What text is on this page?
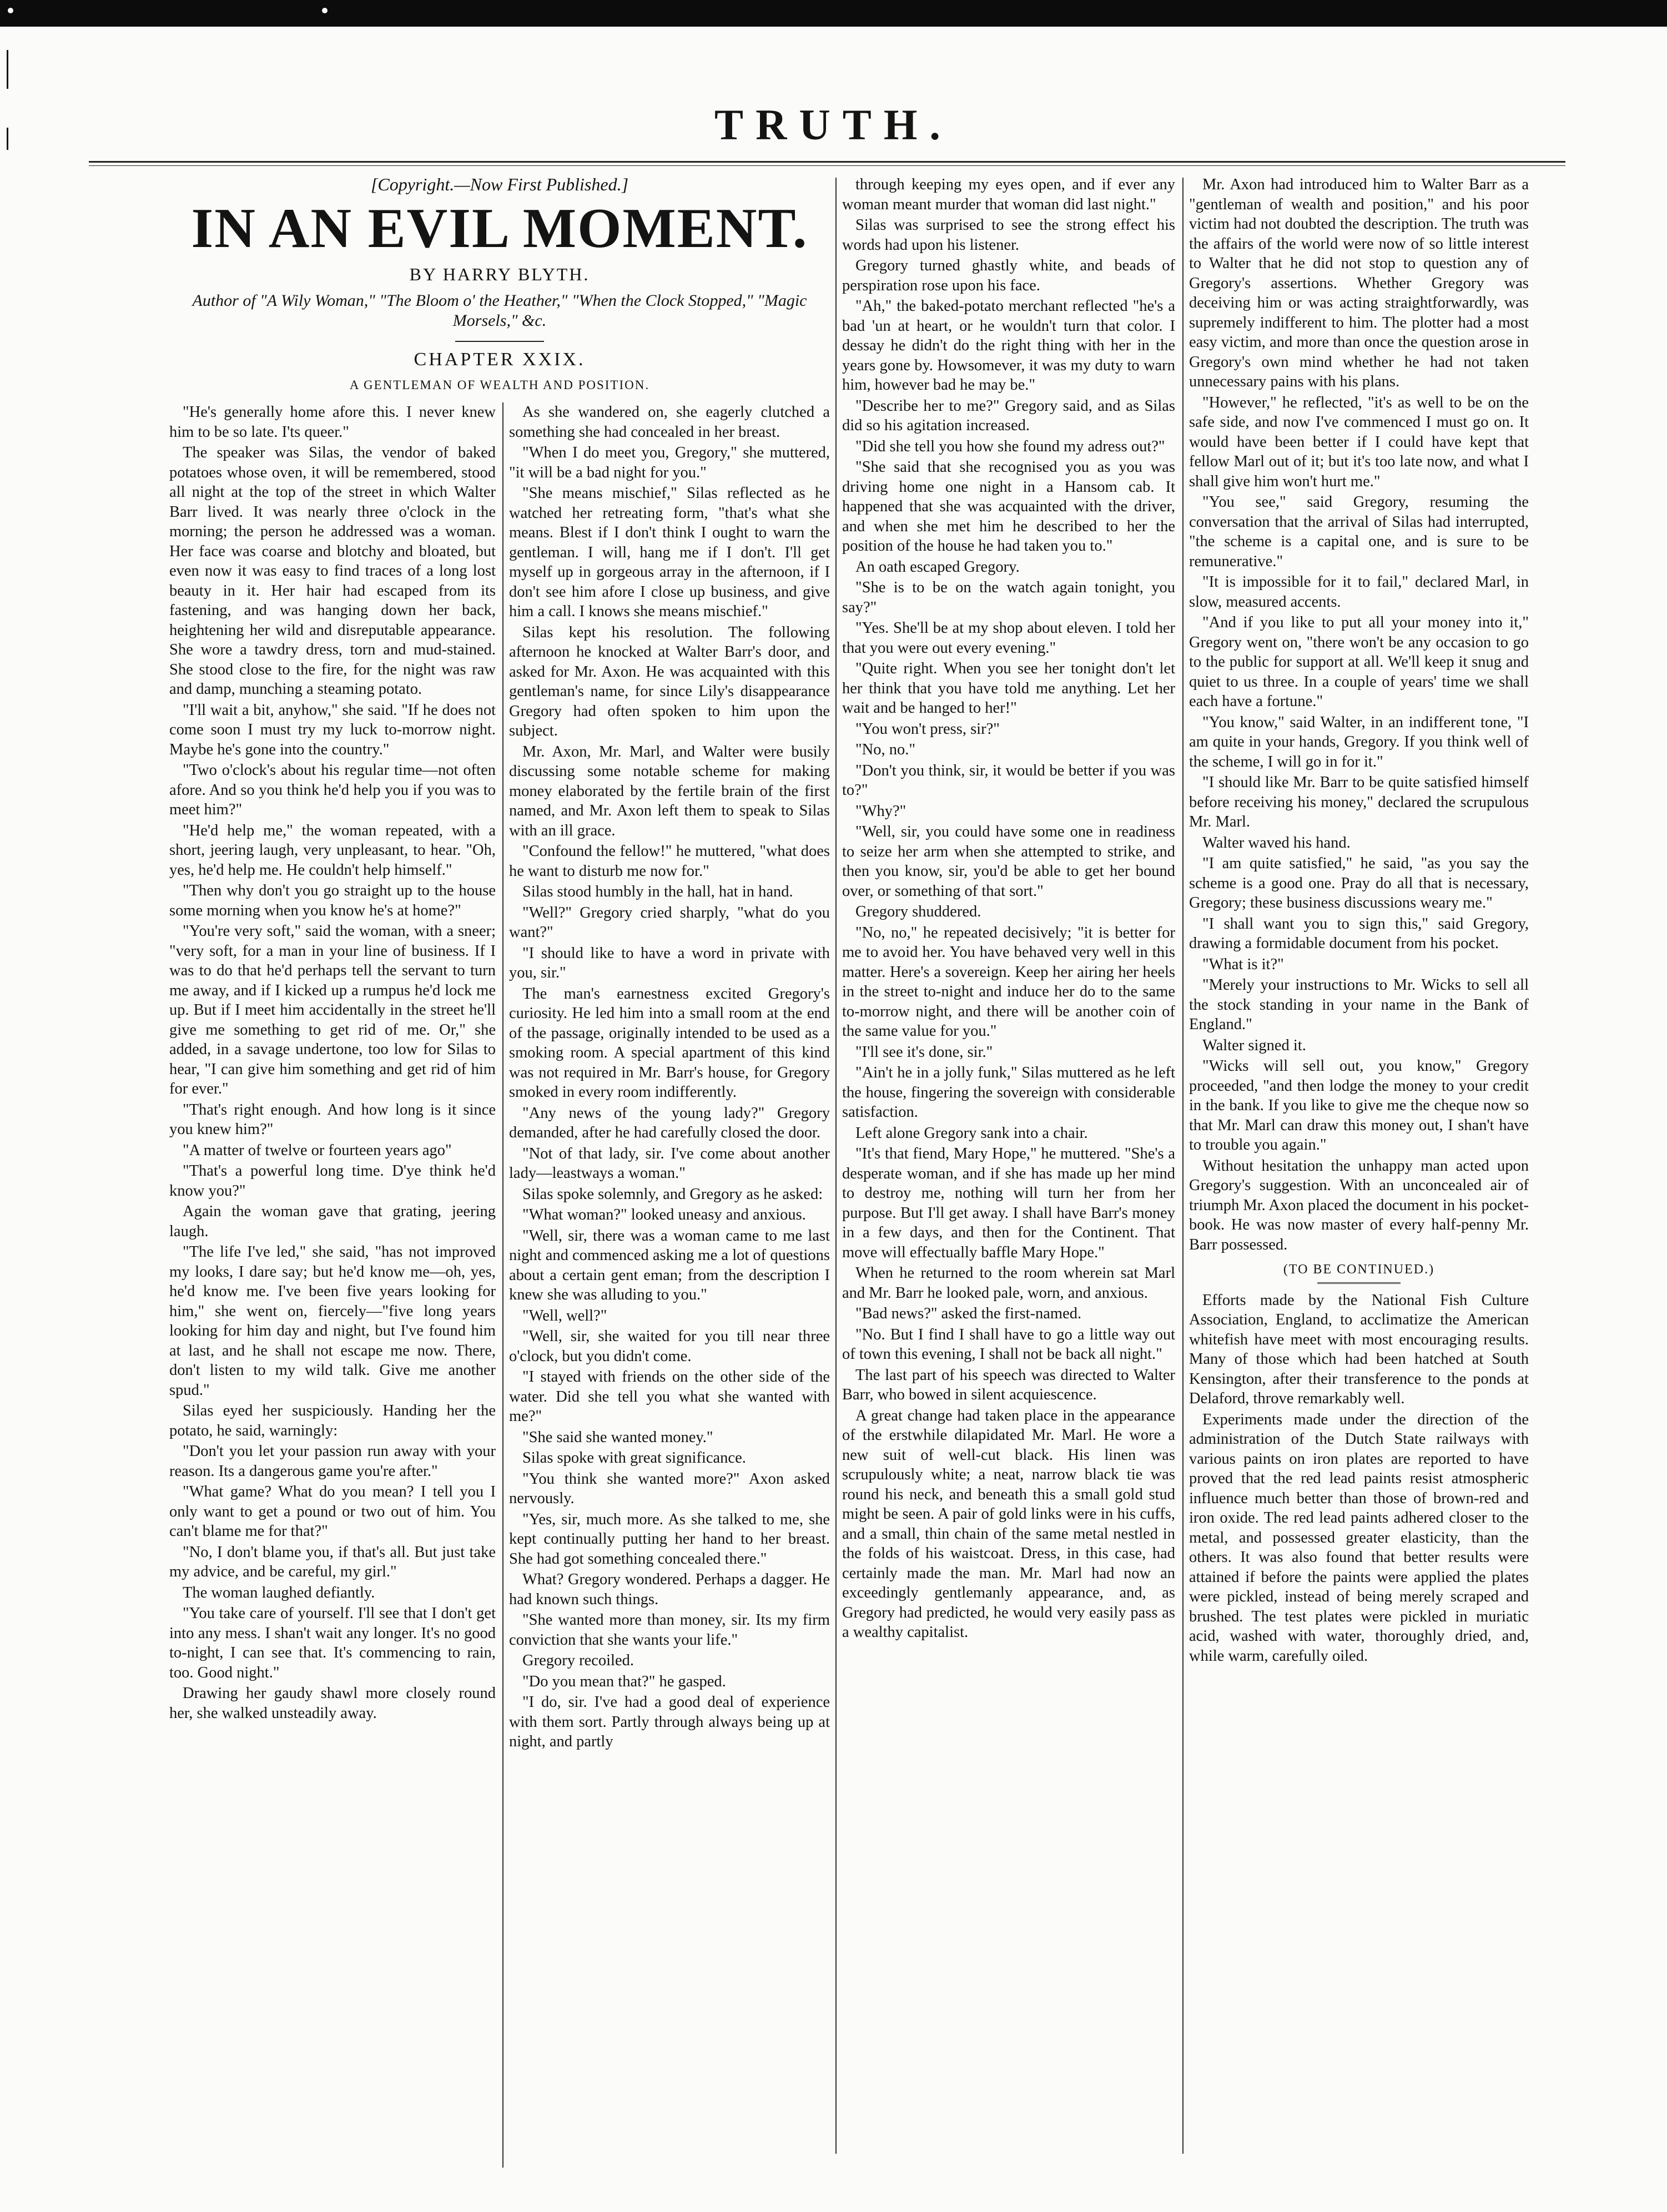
TRUTH.
[Copyright.—Now First Published.]
IN AN EVIL MOMENT.
BY HARRY BLYTH.
Author of "A Wily Woman," "The Bloom o' the Heather," "When the Clock Stopped," "Magic Morsels," &c.
CHAPTER XXIX.
A GENTLEMAN OF WEALTH AND POSITION.

"He's generally home afore this. I never knew him to be so late. I'ts queer."

The speaker was Silas, the vendor of baked potatoes whose oven, it will be remembered, stood all night at the top of the street in which Walter Barr lived. It was nearly three o'clock in the morning; the person he addressed was a woman. Her face was coarse and blotchy and bloated, but even now it was easy to find traces of a long lost beauty in it. Her hair had escaped from its fastening, and was hanging down her back, heightening her wild and disreputable appearance. She wore a tawdry dress, torn and mud-stained. She stood close to the fire, for the night was raw and damp, munching a steaming potato.

"I'll wait a bit, anyhow," she said. "If he does not come soon I must try my luck to-morrow night. Maybe he's gone into the country."

"Two o'clock's about his regular time—not often afore. And so you think he'd help you if you was to meet him?"

"He'd help me," the woman repeated, with a short, jeering laugh, very unpleasant, to hear. "Oh, yes, he'd help me. He couldn't help himself."

"Then why don't you go straight up to the house some morning when you know he's at home?"

"You're very soft," said the woman, with a sneer; "very soft, for a man in your line of business. If I was to do that he'd perhaps tell the servant to turn me away, and if I kicked up a rumpus he'd lock me up. But if I meet him accidentally in the street he'll give me something to get rid of me. Or," she added, in a savage undertone, too low for Silas to hear, "I can give him something and get rid of him for ever."

"That's right enough. And how long is it since you knew him?"

"A matter of twelve or fourteen years ago"

"That's a powerful long time. D'ye think he'd know you?"

Again the woman gave that grating, jeering laugh.

"The life I've led," she said, "has not improved my looks, I dare say; but he'd know me—oh, yes, he'd know me. I've been five years looking for him," she went on, fiercely—"five long years looking for him day and night, but I've found him at last, and he shall not escape me now. There, don't listen to my wild talk. Give me another spud."

Silas eyed her suspiciously. Handing her the potato, he said, warningly:

"Don't you let your passion run away with your reason. Its a dangerous game you're after."

"What game? What do you mean? I tell you I only want to get a pound or two out of him. You can't blame me for that?"

"No, I don't blame you, if that's all. But just take my advice, and be careful, my girl."

The woman laughed defiantly.

"You take care of yourself. I'll see that I don't get into any mess. I shan't wait any longer. It's no good to-night, I can see that. It's commencing to rain, too. Good night."

Drawing her gaudy shawl more closely round her, she walked unsteadily away.

As she wandered on, she eagerly clutched a something she had concealed in her breast.

"When I do meet you, Gregory," she muttered, "it will be a bad night for you."

"She means mischief," Silas reflected as he watched her retreating form, "that's what she means. Blest if I don't think I ought to warn the gentleman. I will, hang me if I don't. I'll get myself up in gorgeous array in the afternoon, if I don't see him afore I close up business, and give him a call. I knows she means mischief."

Silas kept his resolution. The following afternoon he knocked at Walter Barr's door, and asked for Mr. Axon. He was acquainted with this gentleman's name, for since Lily's disappearance Gregory had often spoken to him upon the subject.

Mr. Axon, Mr. Marl, and Walter were busily discussing some notable scheme for making money elaborated by the fertile brain of the first named, and Mr. Axon left them to speak to Silas with an ill grace.

"Confound the fellow!" he muttered, "what does he want to disturb me now for."

Silas stood humbly in the hall, hat in hand.

"Well?" Gregory cried sharply, "what do you want?"

"I should like to have a word in private with you, sir."

The man's earnestness excited Gregory's curiosity. He led him into a small room at the end of the passage, originally intended to be used as a smoking room. A special apartment of this kind was not required in Mr. Barr's house, for Gregory smoked in every room indifferently.

"Any news of the young lady?" Gregory demanded, after he had carefully closed the door.

"Not of that lady, sir. I've come about another lady—leastways a woman."

Silas spoke solemnly, and Gregory as he asked:

"What woman?" looked uneasy and anxious.

"Well, sir, there was a woman came to me last night and commenced asking me a lot of questions about a certain gent eman; from the description I knew she was alluding to you."

"Well, well?"

"Well, sir, she waited for you till near three o'clock, but you didn't come.

"I stayed with friends on the other side of the water. Did she tell you what she wanted with me?"

"She said she wanted money."

Silas spoke with great significance.

"You think she wanted more?" Axon asked nervously.

"Yes, sir, much more. As she talked to me, she kept continually putting her hand to her breast. She had got something concealed there."

What? Gregory wondered. Perhaps a dagger. He had known such things.

"She wanted more than money, sir. Its my firm conviction that she wants your life."

Gregory recoiled.

"Do you mean that?" he gasped.

"I do, sir. I've had a good deal of experience with them sort. Partly through always being up at night, and partly

through keeping my eyes open, and if ever any woman meant murder that woman did last night."

Silas was surprised to see the strong effect his words had upon his listener.

Gregory turned ghastly white, and beads of perspiration rose upon his face.

"Ah," the baked-potato merchant reflected "he's a bad 'un at heart, or he wouldn't turn that color. I dessay he didn't do the right thing with her in the years gone by. Howsomever, it was my duty to warn him, however bad he may be."

"Describe her to me?" Gregory said, and as Silas did so his agitation increased.

"Did she tell you how she found my adress out?"

"She said that she recognised you as you was driving home one night in a Hansom cab. It happened that she was acquainted with the driver, and when she met him he described to her the position of the house he had taken you to."

An oath escaped Gregory.

"She is to be on the watch again tonight, you say?"

"Yes. She'll be at my shop about eleven. I told her that you were out every evening."

"Quite right. When you see her tonight don't let her think that you have told me anything. Let her wait and be hanged to her!"

"You won't press, sir?"

"No, no."

"Don't you think, sir, it would be better if you was to?"

"Why?"

"Well, sir, you could have some one in readiness to seize her arm when she attempted to strike, and then you know, sir, you'd be able to get her bound over, or something of that sort."

Gregory shuddered.

"No, no," he repeated decisively; "it is better for me to avoid her. You have behaved very well in this matter. Here's a sovereign. Keep her airing her heels in the street to-night and induce her do to the same to-morrow night, and there will be another coin of the same value for you."

"I'll see it's done, sir."

"Ain't he in a jolly funk," Silas muttered as he left the house, fingering the sovereign with considerable satisfaction.

Left alone Gregory sank into a chair.

"It's that fiend, Mary Hope," he muttered. "She's a desperate woman, and if she has made up her mind to destroy me, nothing will turn her from her purpose. But I'll get away. I shall have Barr's money in a few days, and then for the Continent. That move will effectually baffle Mary Hope."

When he returned to the room wherein sat Marl and Mr. Barr he looked pale, worn, and anxious.

"Bad news?" asked the first-named.

"No. But I find I shall have to go a little way out of town this evening, I shall not be back all night."

The last part of his speech was directed to Walter Barr, who bowed in silent acquiescence.

A great change had taken place in the appearance of the erstwhile dilapidated Mr. Marl. He wore a new suit of well-cut black. His linen was scrupulously white; a neat, narrow black tie was round his neck, and beneath this a small gold stud might be seen. A pair of gold links were in his cuffs, and a small, thin chain of the same metal nestled in the folds of his waistcoat. Dress, in this case, had certainly made the man. Mr. Marl had now an exceedingly gentlemanly appearance, and, as Gregory had predicted, he would very easily pass as a wealthy capitalist.

Mr. Axon had introduced him to Walter Barr as a "gentleman of wealth and position," and his poor victim had not doubted the description. The truth was the affairs of the world were now of so little interest to Walter that he did not stop to question any of Gregory's assertions. Whether Gregory was deceiving him or was acting straightforwardly, was supremely indifferent to him. The plotter had a most easy victim, and more than once the question arose in Gregory's own mind whether he had not taken unnecessary pains with his plans.

"However," he reflected, "it's as well to be on the safe side, and now I've commenced I must go on. It would have been better if I could have kept that fellow Marl out of it; but it's too late now, and what I shall give him won't hurt me."

"You see," said Gregory, resuming the conversation that the arrival of Silas had interrupted, "the scheme is a capital one, and is sure to be remunerative."

"It is impossible for it to fail," declared Marl, in slow, measured accents.

"And if you like to put all your money into it," Gregory went on, "there won't be any occasion to go to the public for support at all. We'll keep it snug and quiet to us three. In a couple of years' time we shall each have a fortune."

"You know," said Walter, in an indifferent tone, "I am quite in your hands, Gregory. If you think well of the scheme, I will go in for it."

"I should like Mr. Barr to be quite satisfied himself before receiving his money," declared the scrupulous Mr. Marl.

Walter waved his hand.

"I am quite satisfied," he said, "as you say the scheme is a good one. Pray do all that is necessary, Gregory; these business discussions weary me."

"I shall want you to sign this," said Gregory, drawing a formidable document from his pocket.

"What is it?"

"Merely your instructions to Mr. Wicks to sell all the stock standing in your name in the Bank of England."

Walter signed it.

"Wicks will sell out, you know," Gregory proceeded, "and then lodge the money to your credit in the bank. If you like to give me the cheque now so that Mr. Marl can draw this money out, I shan't have to trouble you again."

Without hesitation the unhappy man acted upon Gregory's suggestion. With an unconcealed air of triumph Mr. Axon placed the document in his pocket-book. He was now master of every half-penny Mr. Barr possessed.

(TO BE CONTINUED.)

Efforts made by the National Fish Culture Association, England, to acclimatize the American whitefish have meet with most encouraging results. Many of those which had been hatched at South Kensington, after their transference to the ponds at Delaford, throve remarkably well.

Experiments made under the direction of the administration of the Dutch State railways with various paints on iron plates are reported to have proved that the red lead paints resist atmospheric influence much better than those of brown-red and iron oxide. The red lead paints adhered closer to the metal, and possessed greater elasticity, than the others. It was also found that better results were attained if before the paints were applied the plates were pickled, instead of being merely scraped and brushed. The test plates were pickled in muriatic acid, washed with water, thoroughly dried, and, while warm, carefully oiled.
